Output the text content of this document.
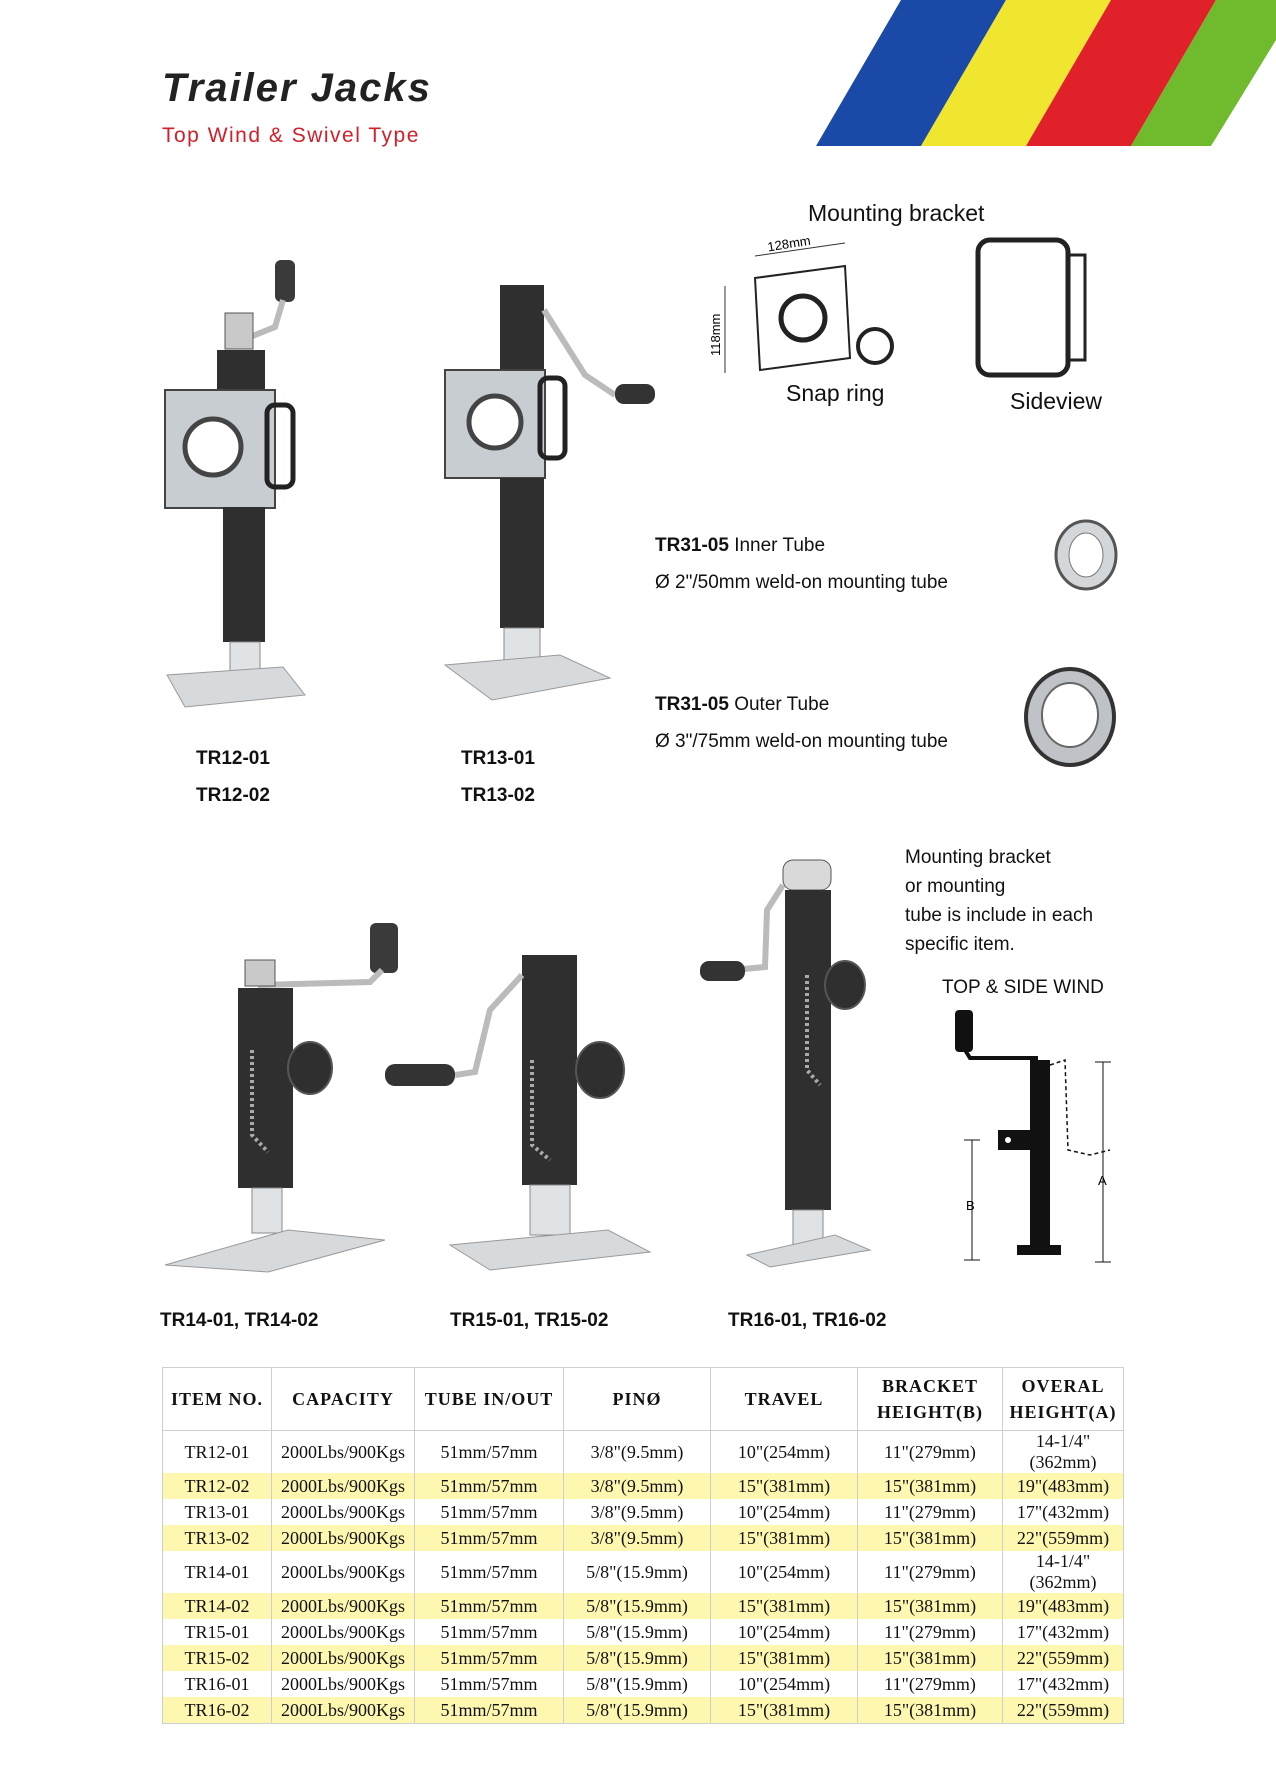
Trailer Jacks
Top Wind & Swivel Type
TR12-01
TR12-02
TR13-01
TR13-02
Mounting bracket
128mm
118mm
Snap ring	Sideview
TR31-05 Inner Tube
Ø 2"/50mm weld-on mounting tube
TR31-05 Outer Tube
Ø 3"/75mm weld-on mounting tube
Mounting bracket
or mounting
tube is include in each
specific item.
TOP & SIDE WIND
TR14-01, TR14-02	TR15-01, TR15-02	TR16-01, TR16-02
B
A
ITEM NO.	CAPACITY	TUBE IN/OUT	PINØ	TRAVEL	BRACKET HEIGHT(B)	OVERAL HEIGHT(A)
TR12-01	2000Lbs/900Kgs	51mm/57mm	3/8"(9.5mm)	10"(254mm)	11"(279mm)	14-1/4"(362mm)
TR12-02	2000Lbs/900Kgs	51mm/57mm	3/8"(9.5mm)	15"(381mm)	15"(381mm)	19"(483mm)
TR13-01	2000Lbs/900Kgs	51mm/57mm	3/8"(9.5mm)	10"(254mm)	11"(279mm)	17"(432mm)
TR13-02	2000Lbs/900Kgs	51mm/57mm	3/8"(9.5mm)	15"(381mm)	15"(381mm)	22"(559mm)
TR14-01	2000Lbs/900Kgs	51mm/57mm	5/8"(15.9mm)	10"(254mm)	11"(279mm)	14-1/4"(362mm)
TR14-02	2000Lbs/900Kgs	51mm/57mm	5/8"(15.9mm)	15"(381mm)	15"(381mm)	19"(483mm)
TR15-01	2000Lbs/900Kgs	51mm/57mm	5/8"(15.9mm)	10"(254mm)	11"(279mm)	17"(432mm)
TR15-02	2000Lbs/900Kgs	51mm/57mm	5/8"(15.9mm)	15"(381mm)	15"(381mm)	22"(559mm)
TR16-01	2000Lbs/900Kgs	51mm/57mm	5/8"(15.9mm)	10"(254mm)	11"(279mm)	17"(432mm)
TR16-02	2000Lbs/900Kgs	51mm/57mm	5/8"(15.9mm)	15"(381mm)	15"(381mm)	22"(559mm)
